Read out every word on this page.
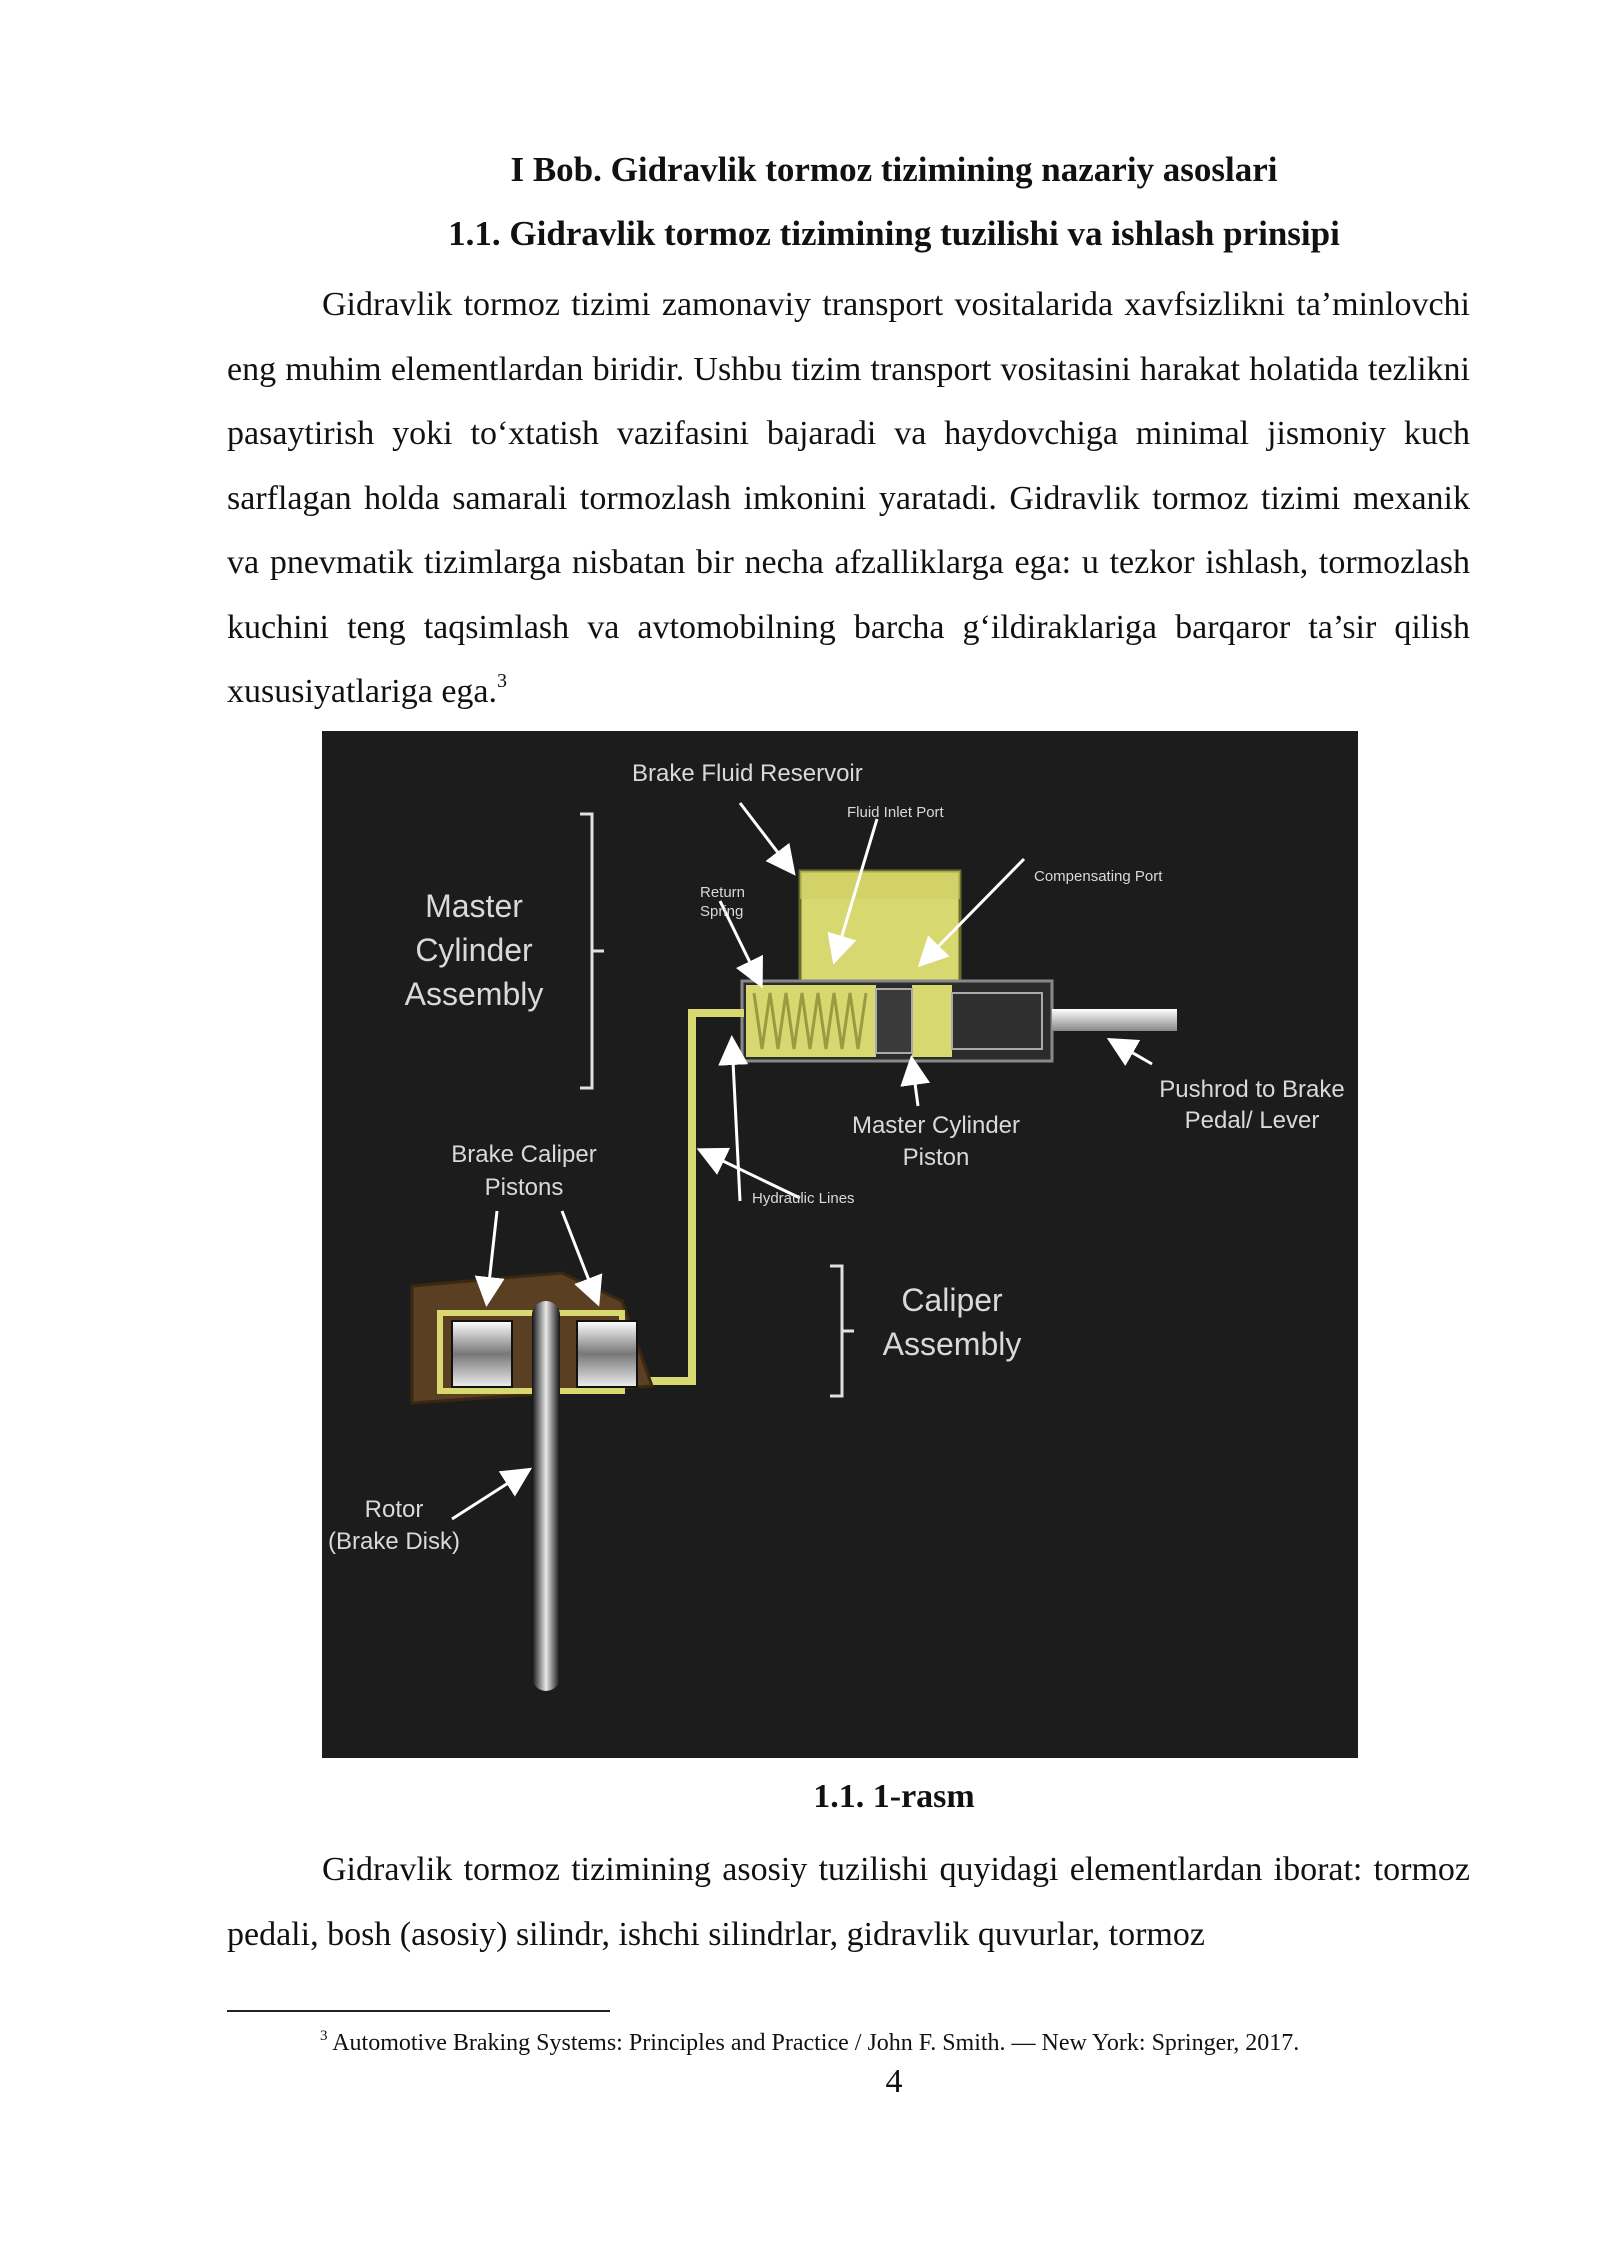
I Bob. Gidravlik tormoz tizimining nazariy asoslari
1.1. Gidravlik tormoz tizimining tuzilishi va ishlash prinsipi

Gidravlik tormoz tizimi zamonaviy transport vositalarida xavfsizlikni ta’minlovchi eng muhim elementlardan biridir. Ushbu tizim transport vositasini harakat holatida tezlikni pasaytirish yoki to‘xtatish vazifasini bajaradi va haydovchiga minimal jismoniy kuch sarflagan holda samarali tormozlash imkonini yaratadi. Gidravlik tormoz tizimi mexanik va pnevmatik tizimlarga nisbatan bir necha afzalliklarga ega: u tezkor ishlash, tormozlash kuchini teng taqsimlash va avtomobilning barcha g‘ildiraklariga barqaror ta’sir qilish xususiyatlariga ega.$^3$

Brake Fluid Reservoir
Fluid Inlet Port
Compensating Port
Return
Spring
Master
Cylinder
Assembly
Pushrod to Brake
Pedal/ Lever
Master Cylinder
Piston
Brake Caliper
Pistons	Hydraulic Lines
Caliper
Assembly
Rotor
(Brake Disk)

1.1. 1-rasm

Gidravlik tormoz tizimining asosiy tuzilishi quyidagi elementlardan iborat: tormoz pedali, bosh (asosiy) silindr, ishchi silindrlar, gidravlik quvurlar, tormoz

$^3$ Automotive Braking Systems: Principles and Practice / John F. Smith. — New York: Springer, 2017.

4
